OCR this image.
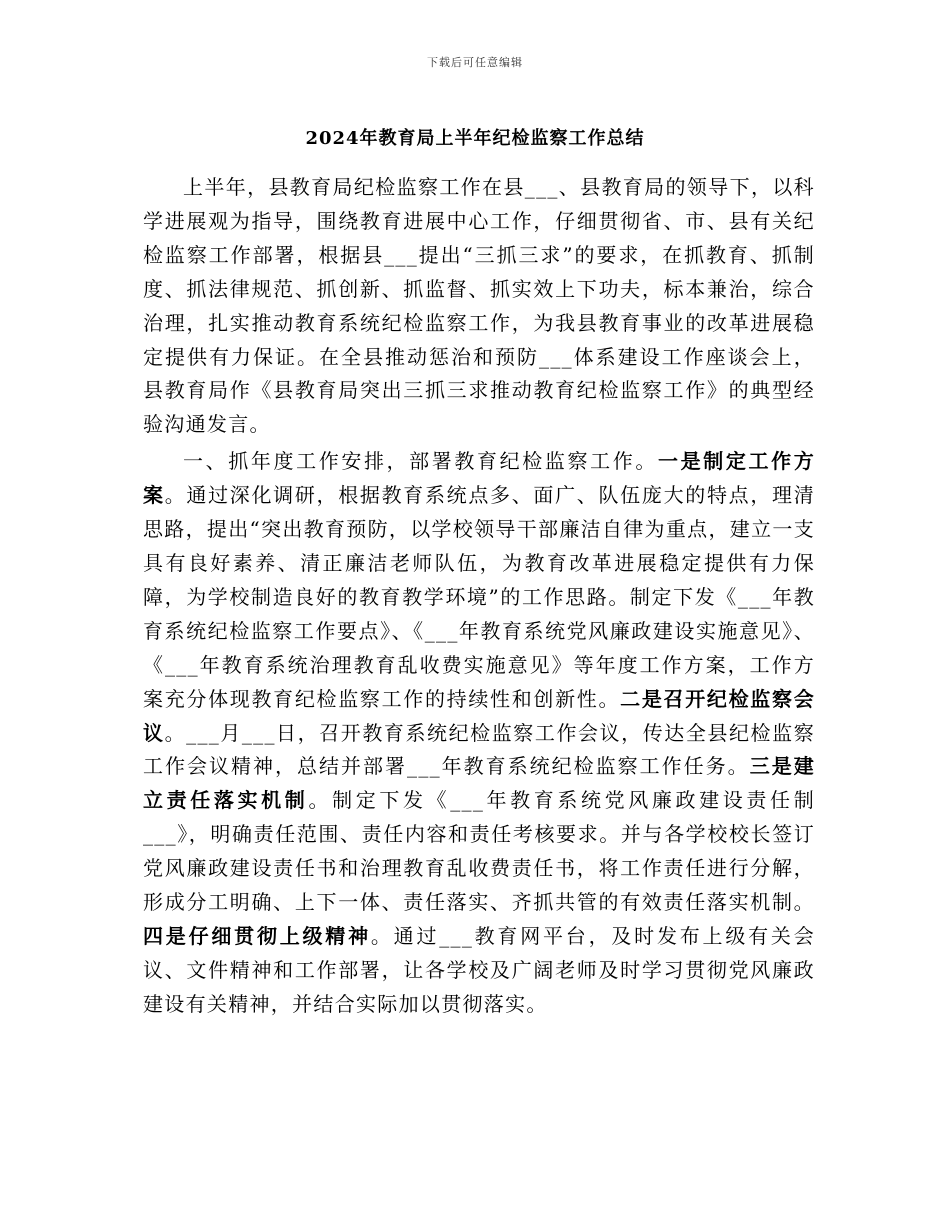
下载后可任意编辑
2024年教育局上半年纪检监察工作总结

上半年，县教育局纪检监察工作在县___、县教育局的领导下，以科学进展观为指导，围绕教育进展中心工作，仔细贯彻省、市、县有关纪检监察工作部署，根据县___提出“三抓三求”的要求，在抓教育、抓制度、抓法律规范、抓创新、抓监督、抓实效上下功夫，标本兼治，综合治理，扎实推动教育系统纪检监察工作，为我县教育事业的改革进展稳定提供有力保证。在全县推动惩治和预防___体系建设工作座谈会上，县教育局作《县教育局突出三抓三求推动教育纪检监察工作》的典型经验沟通发言。

一、抓年度工作安排，部署教育纪检监察工作。一是制定工作方案。通过深化调研，根据教育系统点多、面广、队伍庞大的特点，理清思路，提出“突出教育预防，以学校领导干部廉洁自律为重点，建立一支具有良好素养、清正廉洁老师队伍，为教育改革进展稳定提供有力保障，为学校制造良好的教育教学环境”的工作思路。制定下发《___年教育系统纪检监察工作要点》、《___年教育系统党风廉政建设实施意见》、《___年教育系统治理教育乱收费实施意见》等年度工作方案，工作方案充分体现教育纪检监察工作的持续性和创新性。二是召开纪检监察会议。___月___日，召开教育系统纪检监察工作会议，传达全县纪检监察工作会议精神，总结并部署___年教育系统纪检监察工作任务。三是建立责任落实机制。制定下发《___年教育系统党风廉政建设责任制___》，明确责任范围、责任内容和责任考核要求。并与各学校校长签订党风廉政建设责任书和治理教育乱收费责任书，将工作责任进行分解，形成分工明确、上下一体、责任落实、齐抓共管的有效责任落实机制。四是仔细贯彻上级精神。通过___教育网平台，及时发布上级有关会议、文件精神和工作部署，让各学校及广阔老师及时学习贯彻党风廉政建设有关精神，并结合实际加以贯彻落实。
